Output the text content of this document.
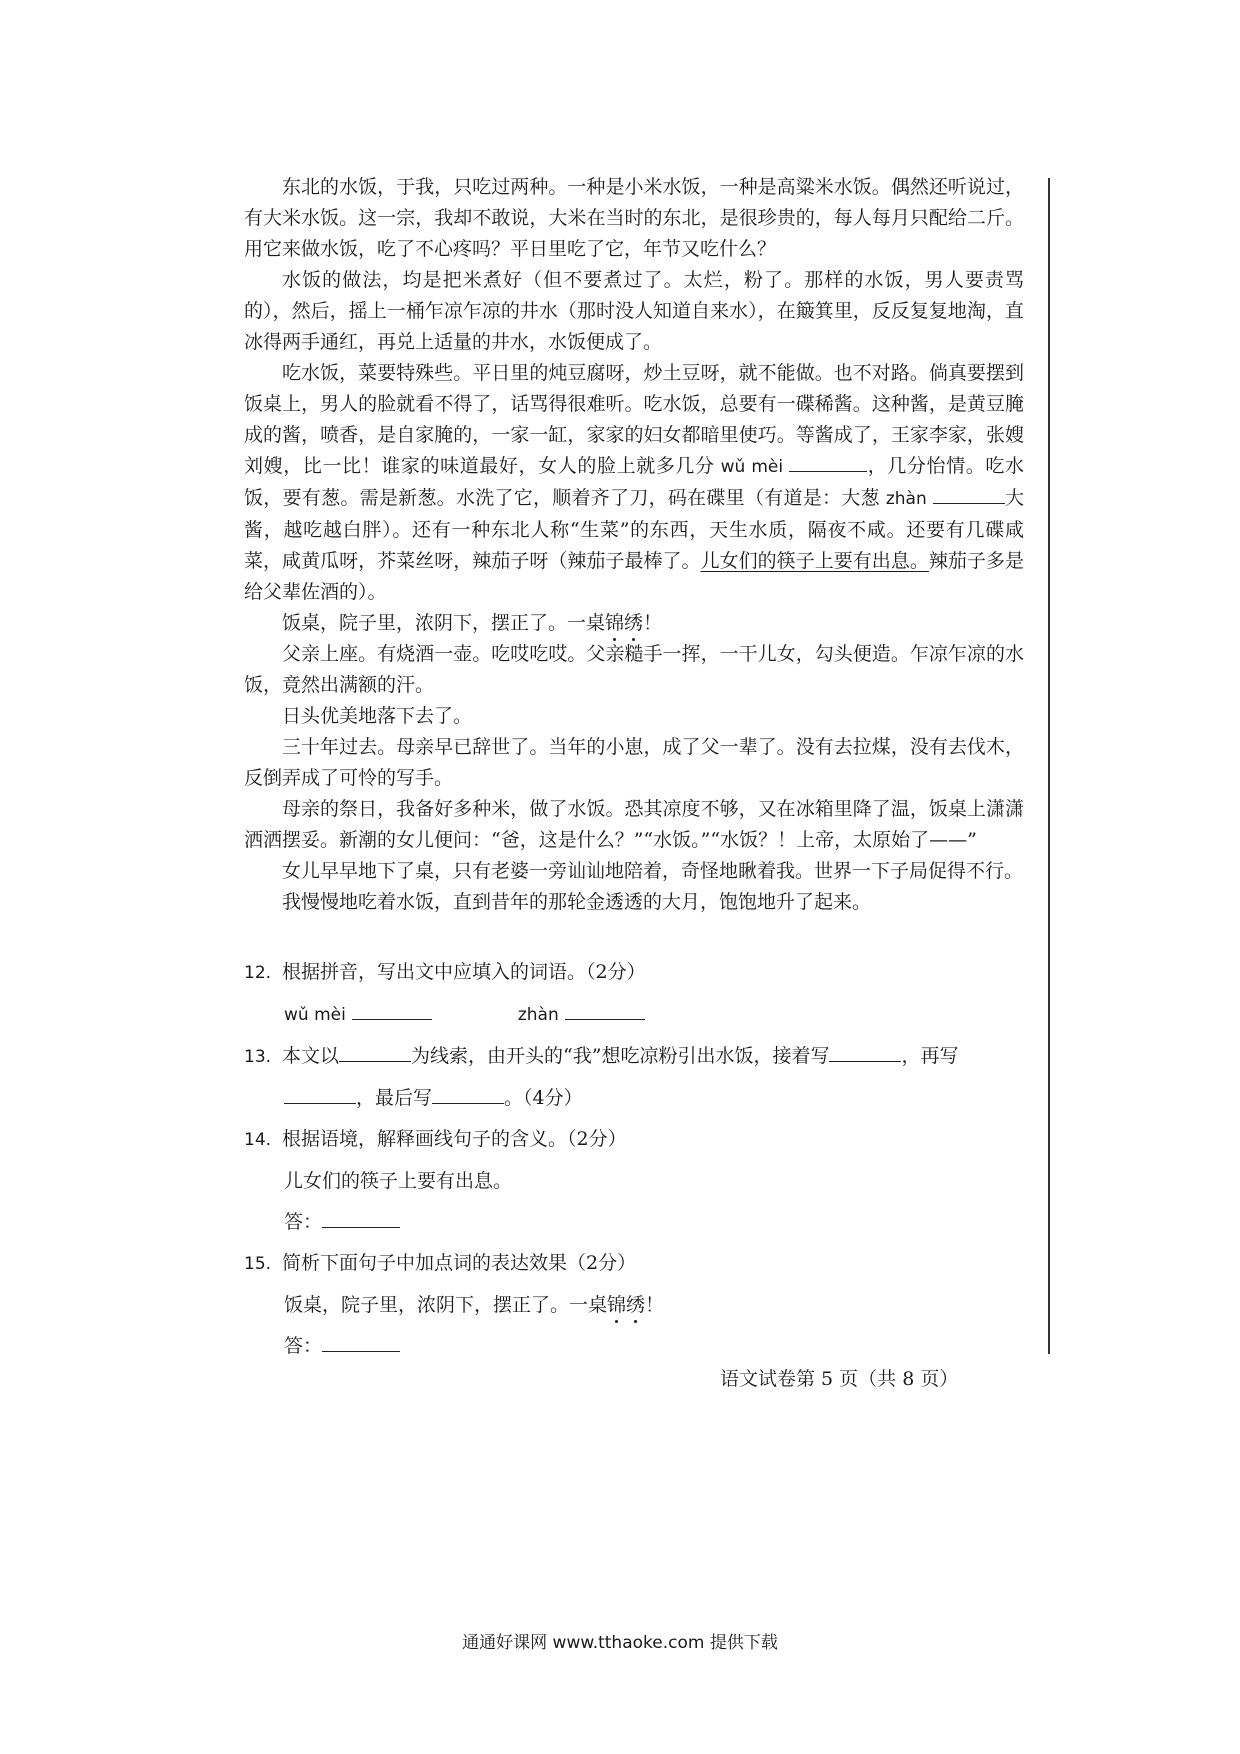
东北的水饭，于我，只吃过两种。一种是小米水饭，一种是高粱米水饭。偶然还听说过，有大米水饭。这一宗，我却不敢说，大米在当时的东北，是很珍贵的，每人每月只配给二斤。用它来做水饭，吃了不心疼吗？平日里吃了它，年节又吃什么？

水饭的做法，均是把米煮好（但不要煮过了。太烂，粉了。那样的水饭，男人要责骂的），然后，摇上一桶乍凉乍凉的井水（那时没人知道自来水），在簸箕里，反反复复地淘，直冰得两手通红，再兑上适量的井水，水饭便成了。

吃水饭，菜要特殊些。平日里的炖豆腐呀，炒土豆呀，就不能做。也不对路。倘真要摆到饭桌上，男人的脸就看不得了，话骂得很难听。吃水饭，总要有一碟稀酱。这种酱，是黄豆腌成的酱，喷香，是自家腌的，一家一缸，家家的妇女都暗里使巧。等酱成了，王家李家，张嫂刘嫂，比一比！谁家的味道最好，女人的脸上就多几分 wǔ mèi	，几分怡情。吃水饭，要有葱。需是新葱。水洗了它，顺着齐了刀，码在碟里（有道是：大葱 zhàn	大酱，越吃越白胖）。还有一种东北人称“生菜”的东西，天生水质，隔夜不咸。还要有几碟咸菜，咸黄瓜呀，芥菜丝呀，辣茄子呀（辣茄子最棒了。儿女们的筷子上要有出息。辣茄子多是给父辈佐酒的）。

饭桌，院子里，浓阴下，摆正了。一桌锦绣！

父亲上座。有烧酒一壶。吃哎吃哎。父亲糙手一挥，一干儿女，勾头便造。乍凉乍凉的水饭，竟然出满额的汗。

日头优美地落下去了。

三十年过去。母亲早已辞世了。当年的小崽，成了父一辈了。没有去拉煤，没有去伐木，反倒弄成了可怜的写手。

母亲的祭日，我备好多种米，做了水饭。恐其凉度不够，又在冰箱里降了温，饭桌上潇潇洒洒摆妥。新潮的女儿便问：“爸，这是什么？”“水饭。”“水饭？！上帝，太原始了——”

女儿早早地下了桌，只有老婆一旁讪讪地陪着，奇怪地瞅着我。世界一下子局促得不行。

我慢慢地吃着水饭，直到昔年的那轮金透透的大月，饱饱地升了起来。

12. 根据拼音，写出文中应填入的词语。（2分）

wǔ mèi	zhàn

13. 本文以	为线索，由开头的“我”想吃凉粉引出水饭，接着写	，再写

，最后写	。（4分）

14. 根据语境，解释画线句子的含义。（2分）

儿女们的筷子上要有出息。

答：

15. 简析下面句子中加点词的表达效果（2分）

饭桌，院子里，浓阴下，摆正了。一桌锦绣！

答：

语文试卷第 5 页（共 8 页）
通通好课网 www.tthaoke.com 提供下载
